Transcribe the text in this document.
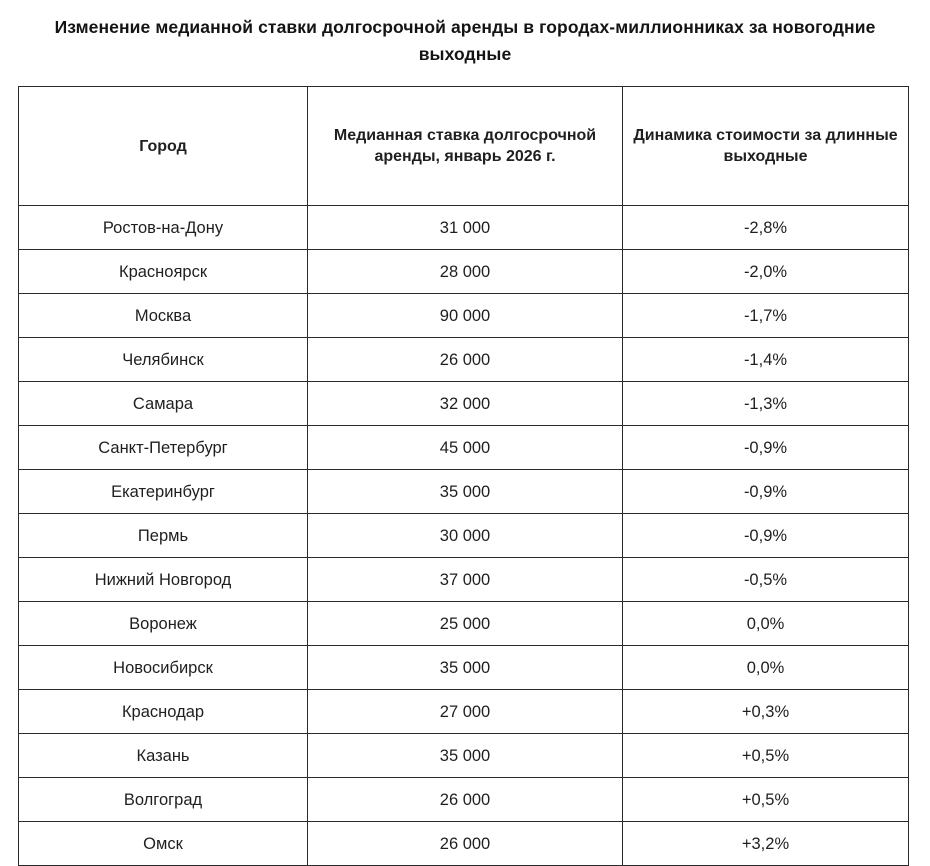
Изменение медианной ставки долгосрочной аренды в городах-миллионниках за новогодние выходные
Город	Медианная ставка долгосрочной аренды, январь 2026 г.	Динамика стоимости за длинные выходные
Ростов-на-Дону	31 000	-2,8%
Красноярск	28 000	-2,0%
Москва	90 000	-1,7%
Челябинск	26 000	-1,4%
Самара	32 000	-1,3%
Санкт-Петербург	45 000	-0,9%
Екатеринбург	35 000	-0,9%
Пермь	30 000	-0,9%
Нижний Новгород	37 000	-0,5%
Воронеж	25 000	0,0%
Новосибирск	35 000	0,0%
Краснодар	27 000	+0,3%
Казань	35 000	+0,5%
Волгоград	26 000	+0,5%
Омск	26 000	+3,2%
